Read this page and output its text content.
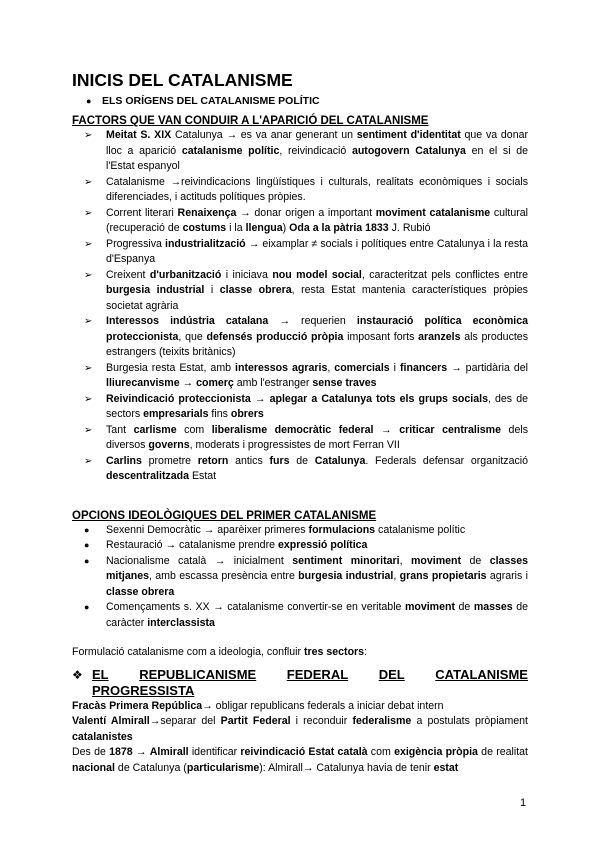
INICIS DEL CATALANISME
●	ELS ORÍGENS DEL CATALANISME POLÍTIC
FACTORS QUE VAN CONDUIR A L'APARICIÓ DEL CATALANISME
➢	Meitat S. XIX Catalunya → es va anar generant un sentiment d'identitat que va donar lloc a aparició catalanisme polític, reivindicació autogovern Catalunya en el si de l'Estat espanyol
➢	Catalanisme →reivindicacions lingüístiques i culturals, realitats econòmiques i socials diferenciades, i actituds polítiques pròpies.
➢	Corrent literari Renaixença → donar origen a important moviment catalanisme cultural (recuperació de costums i la llengua) Oda a la pàtria 1833 J. Rubió
➢	Progressiva industrialització → eixamplar ≠ socials i polítiques entre Catalunya i la resta d'Espanya
➢	Creixent d'urbanització i iniciava nou model social, caracteritzat pels conflictes entre burgesia industrial i classe obrera, resta Estat mantenia característiques pròpies societat agrària
➢	Interessos indústria catalana → requerien instauració política econòmica proteccionista, que defensés producció pròpia imposant forts aranzels als productes estrangers (teixits britànics)
➢	Burgesia resta Estat, amb interessos agraris, comercials i financers → partidària del lliurecanvisme → comerç amb l'estranger sense traves
➢	Reivindicació proteccionista → aplegar a Catalunya tots els grups socials, des de sectors empresarials fins obrers
➢	Tant carlisme com liberalisme democràtic federal → criticar centralisme dels diversos governs, moderats i progressistes de mort Ferran VII
➢	Carlins prometre retorn antics furs de Catalunya. Federals defensar organització descentralitzada Estat
OPCIONS IDEOLÒGIQUES DEL PRIMER CATALANISME
●	Sexenni Democràtic → aparèixer primeres formulacions catalanisme polític
●	Restauració → catalanisme prendre expressió política
●	Nacionalisme català → inicialment sentiment minoritari, moviment de classes mitjanes, amb escassa presència entre burgesia industrial, grans propietaris agraris i classe obrera
●	Començaments s. XX → catalanisme convertir-se en veritable moviment de masses de caràcter interclassista

Formulació catalanisme com a ideologia, confluir tres sectors:

❖ EL REPUBLICANISME FEDERAL DEL CATALANISME
PROGRESSISTA

Fracàs Primera República→ obligar republicans federals a iniciar debat intern

Valentí Almirall→separar del Partit Federal i reconduir federalisme a postulats pròpiament catalanistes

Des de 1878 → Almirall identificar reivindicació Estat català com exigència pròpia de realitat nacional de Catalunya (particularisme): Almirall→ Catalunya havia de tenir estat

1
